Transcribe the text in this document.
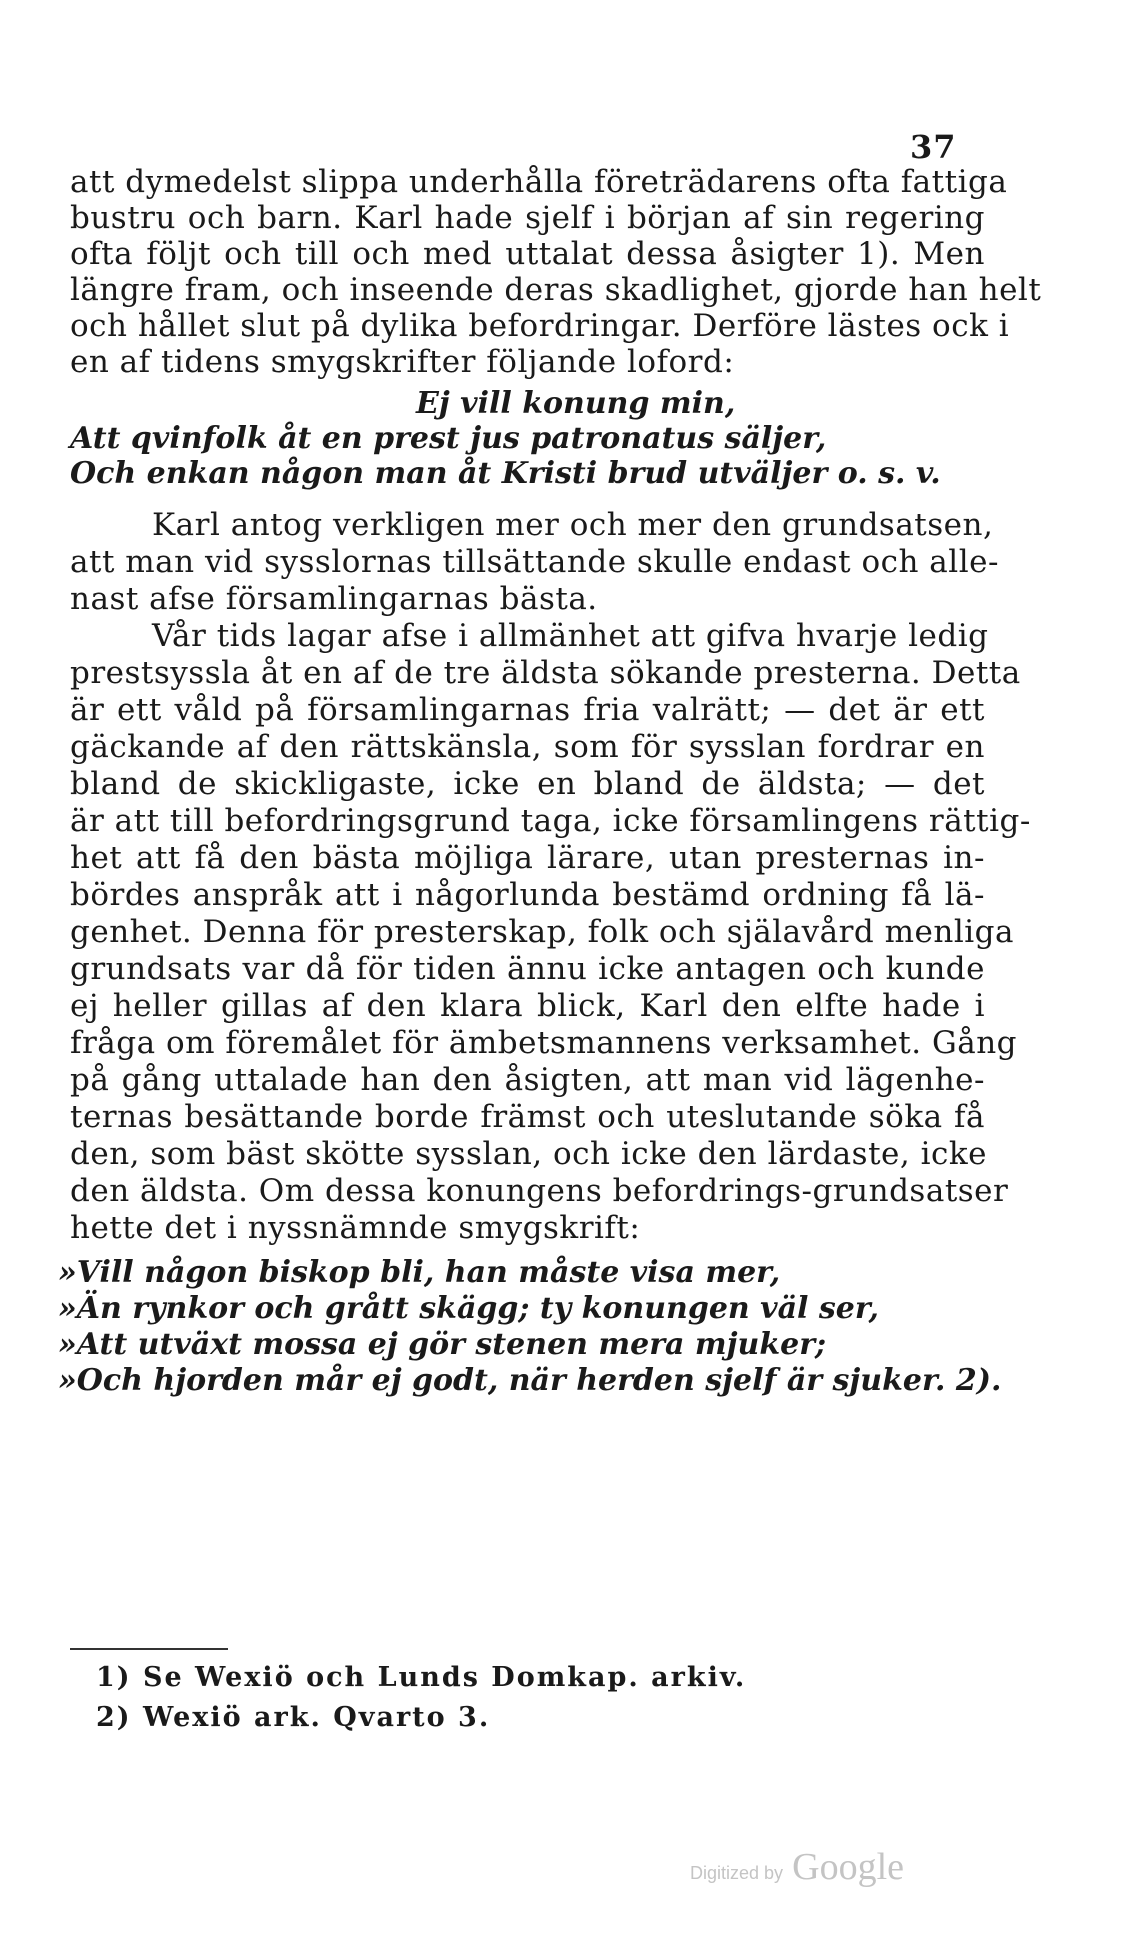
37
att dymedelst slippa underhålla företrädarens ofta fattiga
bustru och barn. Karl hade sjelf i början af sin regering
ofta följt och till och med uttalat dessa åsigter 1). Men
längre fram, och inseende deras skadlighet, gjorde han helt
och hållet slut på dylika befordringar. Derföre lästes ock i
en af tidens smygskrifter följande loford:
Ej vill konung min,
Att qvinfolk åt en prest jus patronatus säljer,
Och enkan någon man åt Kristi brud utväljer o. s. v.
Karl antog verkligen mer och mer den grundsatsen,
att man vid sysslornas tillsättande skulle endast och alle-
nast afse församlingarnas bästa.
Vår tids lagar afse i allmänhet att gifva hvarje ledig
prestsyssla åt en af de tre äldsta sökande presterna. Detta
är ett våld på församlingarnas fria valrätt; — det är ett
gäckande af den rättskänsla, som för sysslan fordrar en
bland de skickligaste, icke en bland de äldsta; — det
är att till befordringsgrund taga, icke församlingens rättig-
het att få den bästa möjliga lärare, utan presternas in-
bördes anspråk att i någorlunda bestämd ordning få lä-
genhet. Denna för presterskap, folk och själavård menliga
grundsats var då för tiden ännu icke antagen och kunde
ej heller gillas af den klara blick, Karl den elfte hade i
fråga om föremålet för ämbetsmannens verksamhet. Gång
på gång uttalade han den åsigten, att man vid lägenhe-
ternas besättande borde främst och uteslutande söka få
den, som bäst skötte sysslan, och icke den lärdaste, icke
den äldsta. Om dessa konungens befordrings-grundsatser
hette det i nyssnämnde smygskrift:
»Vill någon biskop bli, han måste visa mer,
»Än rynkor och grått skägg; ty konungen väl ser,
»Att utväxt mossa ej gör stenen mera mjuker;
»Och hjorden mår ej godt, när herden sjelf är sjuker. 2).
1) Se Wexiö och Lunds Domkap. arkiv.
2) Wexiö ark. Qvarto 3.
Digitized by Google
